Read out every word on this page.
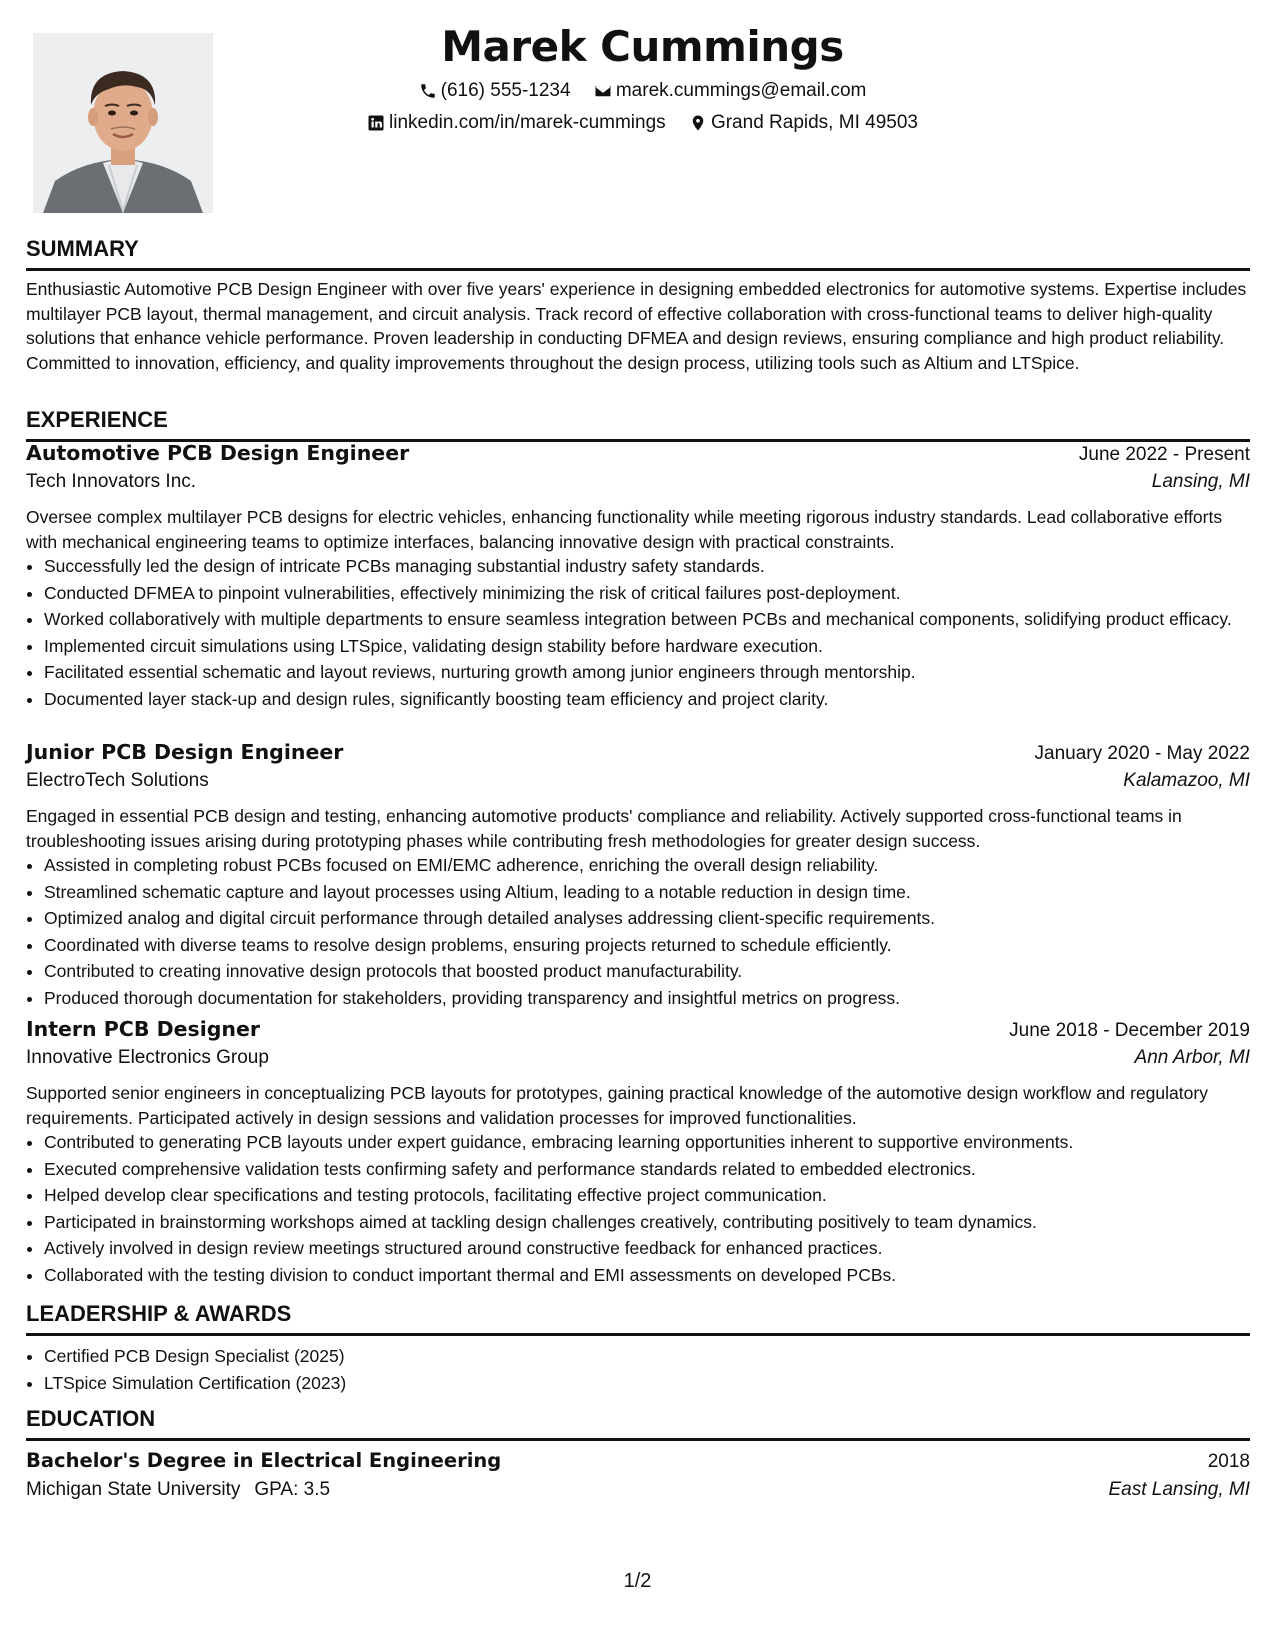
Marek Cummings
(616) 555-1234
marek.cummings@email.com
linkedin.com/in/marek-cummings
Grand Rapids, MI 49503
SUMMARY
Enthusiastic Automotive PCB Design Engineer with over five years' experience in designing embedded electronics for automotive systems. Expertise includes multilayer PCB layout, thermal management, and circuit analysis. Track record of effective collaboration with cross-functional teams to deliver high-quality solutions that enhance vehicle performance. Proven leadership in conducting DFMEA and design reviews, ensuring compliance and high product reliability. Committed to innovation, efficiency, and quality improvements throughout the design process, utilizing tools such as Altium and LTSpice.
EXPERIENCE
Automotive PCB Design Engineer	June 2022 - Present
Tech Innovators Inc.	Lansing, MI
Oversee complex multilayer PCB designs for electric vehicles, enhancing functionality while meeting rigorous industry standards. Lead collaborative efforts with mechanical engineering teams to optimize interfaces, balancing innovative design with practical constraints.
• Successfully led the design of intricate PCBs managing substantial industry safety standards.
• Conducted DFMEA to pinpoint vulnerabilities, effectively minimizing the risk of critical failures post-deployment.
• Worked collaboratively with multiple departments to ensure seamless integration between PCBs and mechanical components, solidifying product efficacy.
• Implemented circuit simulations using LTSpice, validating design stability before hardware execution.
• Facilitated essential schematic and layout reviews, nurturing growth among junior engineers through mentorship.
• Documented layer stack-up and design rules, significantly boosting team efficiency and project clarity.
Junior PCB Design Engineer	January 2020 - May 2022
ElectroTech Solutions	Kalamazoo, MI
Engaged in essential PCB design and testing, enhancing automotive products' compliance and reliability. Actively supported cross-functional teams in troubleshooting issues arising during prototyping phases while contributing fresh methodologies for greater design success.
• Assisted in completing robust PCBs focused on EMI/EMC adherence, enriching the overall design reliability.
• Streamlined schematic capture and layout processes using Altium, leading to a notable reduction in design time.
• Optimized analog and digital circuit performance through detailed analyses addressing client-specific requirements.
• Coordinated with diverse teams to resolve design problems, ensuring projects returned to schedule efficiently.
• Contributed to creating innovative design protocols that boosted product manufacturability.
• Produced thorough documentation for stakeholders, providing transparency and insightful metrics on progress.
Intern PCB Designer	June 2018 - December 2019
Innovative Electronics Group	Ann Arbor, MI
Supported senior engineers in conceptualizing PCB layouts for prototypes, gaining practical knowledge of the automotive design workflow and regulatory requirements. Participated actively in design sessions and validation processes for improved functionalities.
• Contributed to generating PCB layouts under expert guidance, embracing learning opportunities inherent to supportive environments.
• Executed comprehensive validation tests confirming safety and performance standards related to embedded electronics.
• Helped develop clear specifications and testing protocols, facilitating effective project communication.
• Participated in brainstorming workshops aimed at tackling design challenges creatively, contributing positively to team dynamics.
• Actively involved in design review meetings structured around constructive feedback for enhanced practices.
• Collaborated with the testing division to conduct important thermal and EMI assessments on developed PCBs.
LEADERSHIP & AWARDS
• Certified PCB Design Specialist (2025)
• LTSpice Simulation Certification (2023)
EDUCATION
Bachelor's Degree in Electrical Engineering	2018
Michigan State University GPA: 3.5	East Lansing, MI
1/2
